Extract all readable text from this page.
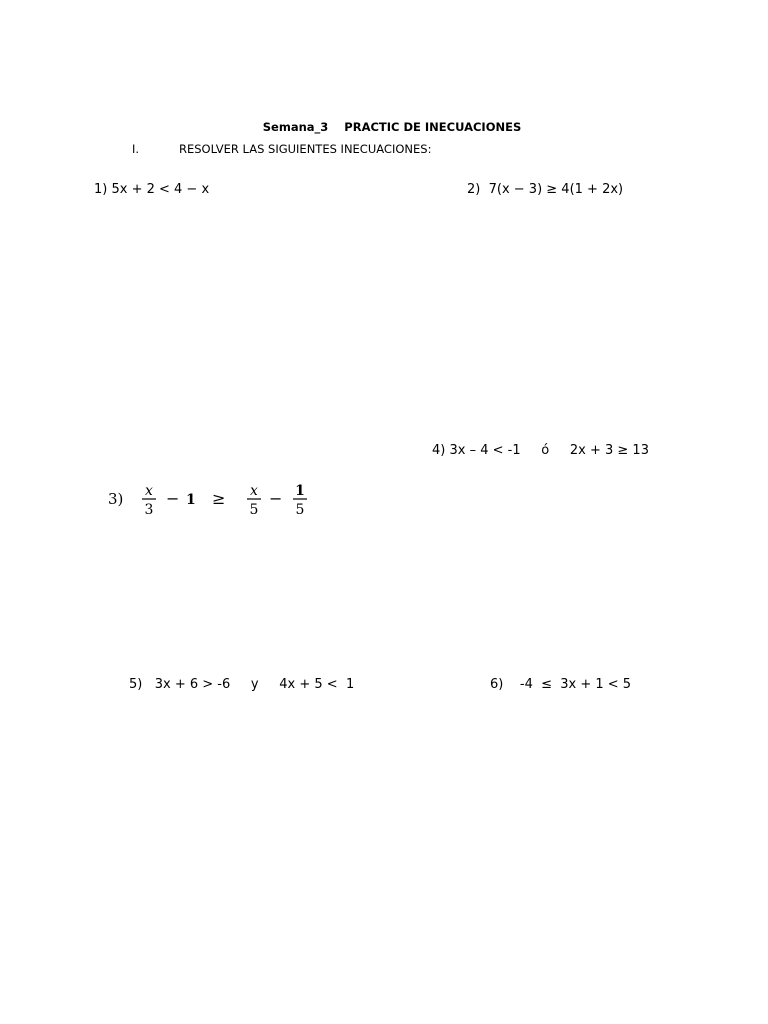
Semana_3 PRACTIC DE INECUACIONES

I.	RESOLVER LAS SIGUIENTES INECUACIONES:
1) 5x + 2 < 4 − x	2)  7(x − 3) ≥ 4(1 + 2x)

3) x
3
− 1 ≥ x
5
− 1
5

4) 3x – 4 < -1     ó     2x + 3 ≥ 13
5)   3x + 6 > -6     y     4x + 5 <  1	6)    -4  ≤  3x + 1 < 5
